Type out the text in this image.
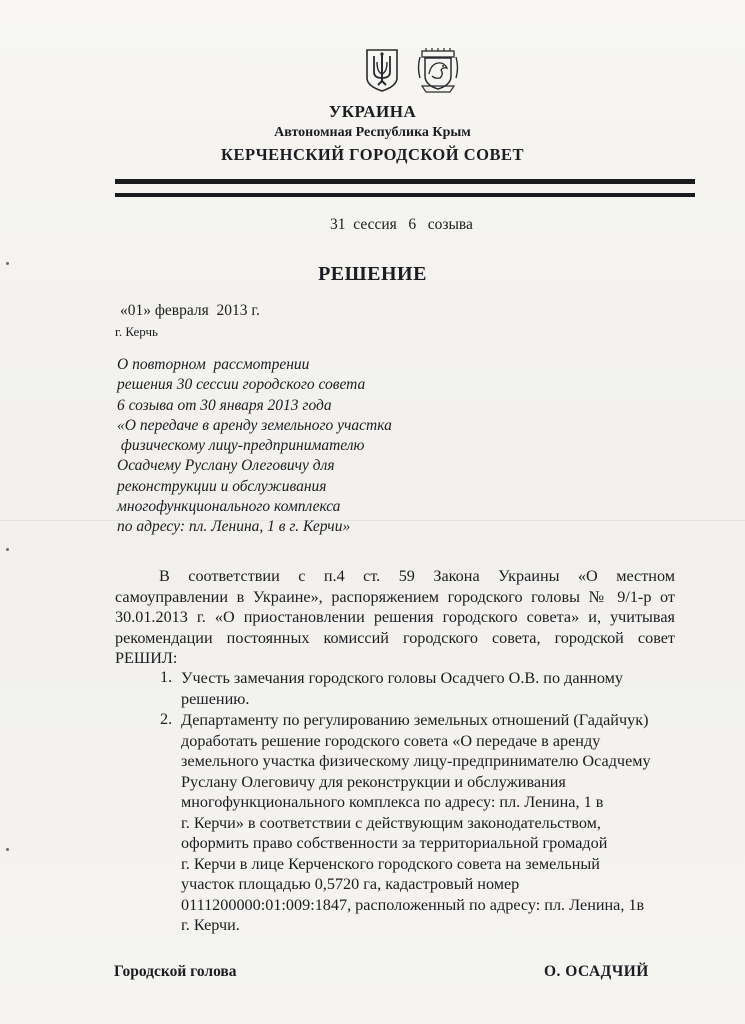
УКРАИНА
Автономная Республика Крым
КЕРЧЕНСКИЙ ГОРОДСКОЙ СОВЕТ
31  сессия   6   созыва
РЕШЕНИЕ
«01» февраля  2013 г.
г. Керчь
О повторном  рассмотрении
решения 30 сессии городского совета
6 созыва от 30 января 2013 года
«О передаче в аренду земельного участка
физическому лицу-предпринимателю
Осадчему Руслану Олеговичу для
реконструкции и обслуживания
многофункционального комплекса
по адресу: пл. Ленина, 1 в г. Керчи»
В соответствии с п.4 ст. 59 Закона Украины «О местном
самоуправлении в Украине», распоряжением городского головы № 9/1-р от
30.01.2013 г. «О приостановлении решения городского совета» и, учитывая
рекомендации постоянных комиссий городского совета, городской совет
РЕШИЛ:
1. Учесть замечания городского головы Осадчего О.В. по данному
решению.
2. Департаменту по регулированию земельных отношений (Гадайчук)
доработать решение городского совета «О передаче в аренду
земельного участка физическому лицу-предпринимателю Осадчему
Руслану Олеговичу для реконструкции и обслуживания
многофункционального комплекса по адресу: пл. Ленина, 1 в
г. Керчи» в соответствии с действующим законодательством,
оформить право собственности за территориальной громадой
г. Керчи в лице Керченского городского совета на земельный
участок площадью 0,5720 га, кадастровый номер
0111200000:01:009:1847, расположенный по адресу: пл. Ленина, 1в
г. Керчи.
Городской голова	О. ОСАДЧИЙ
